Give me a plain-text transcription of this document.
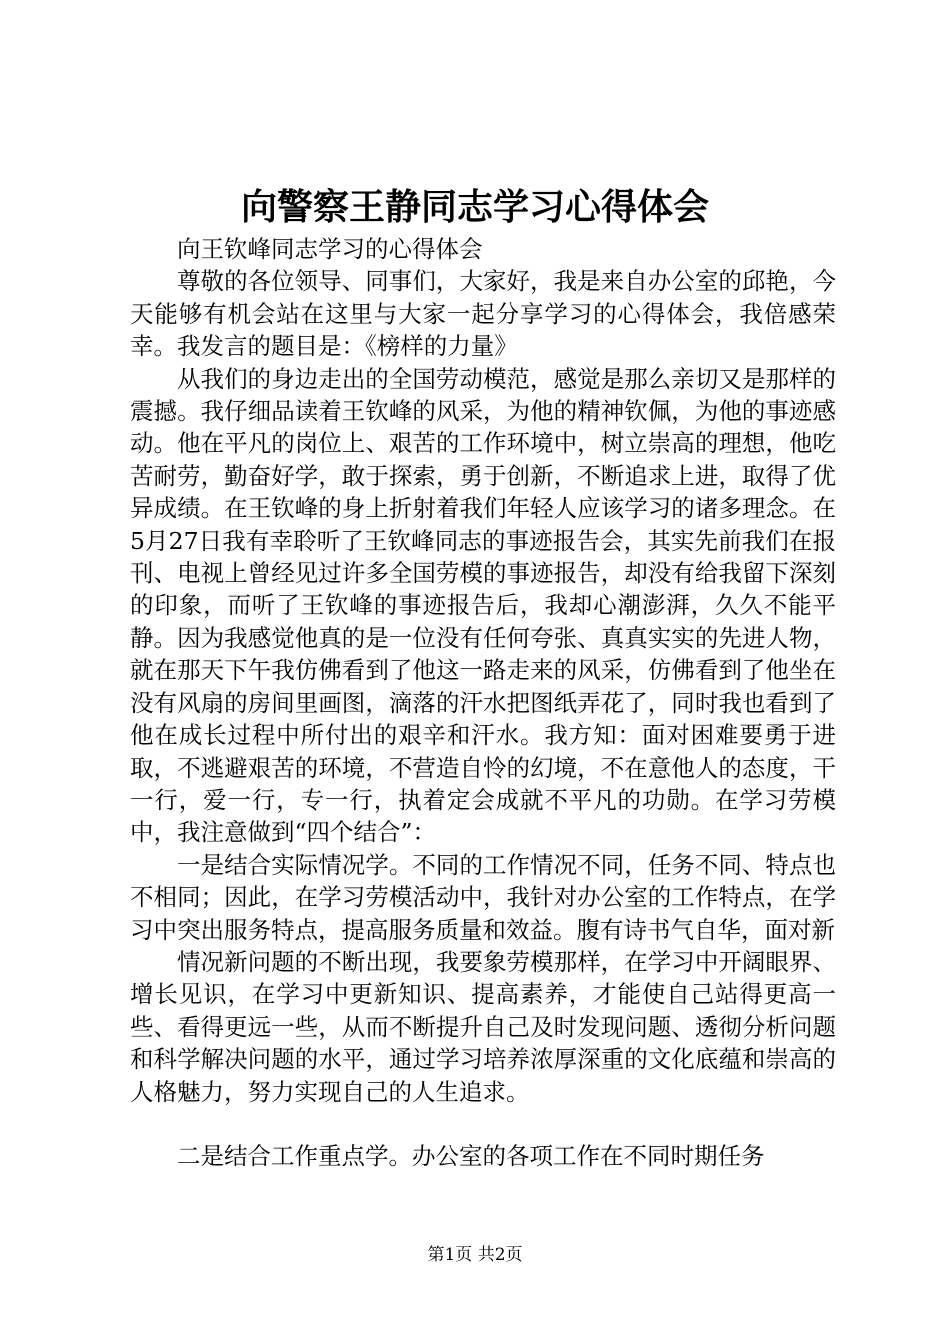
向警察王静同志学习心得体会

向王钦峰同志学习的心得体会

尊敬的各位领导、同事们，大家好，我是来自办公室的邱艳，今天能够有机会站在这里与大家一起分享学习的心得体会，我倍感荣幸。我发言的题目是：《榜样的力量》

从我们的身边走出的全国劳动模范，感觉是那么亲切又是那样的震撼。我仔细品读着王钦峰的风采，为他的精神钦佩，为他的事迹感动。他在平凡的岗位上、艰苦的工作环境中，树立崇高的理想，他吃苦耐劳，勤奋好学，敢于探索，勇于创新，不断追求上进，取得了优异成绩。在王钦峰的身上折射着我们年轻人应该学习的诸多理念。在5月27日我有幸聆听了王钦峰同志的事迹报告会，其实先前我们在报刊、电视上曾经见过许多全国劳模的事迹报告，却没有给我留下深刻的印象，而听了王钦峰的事迹报告后，我却心潮澎湃，久久不能平静。因为我感觉他真的是一位没有任何夸张、真真实实的先进人物，就在那天下午我仿佛看到了他这一路走来的风采，仿佛看到了他坐在没有风扇的房间里画图，滴落的汗水把图纸弄花了，同时我也看到了他在成长过程中所付出的艰辛和汗水。我方知：面对困难要勇于进取，不逃避艰苦的环境，不营造自怜的幻境，不在意他人的态度，干一行，爱一行，专一行，执着定会成就不平凡的功勋。在学习劳模中，我注意做到“四个结合”：

一是结合实际情况学。不同的工作情况不同，任务不同、特点也不相同；因此，在学习劳模活动中，我针对办公室的工作特点，在学习中突出服务特点，提高服务质量和效益。腹有诗书气自华，面对新

情况新问题的不断出现，我要象劳模那样，在学习中开阔眼界、增长见识，在学习中更新知识、提高素养，才能使自己站得更高一些、看得更远一些，从而不断提升自己及时发现问题、透彻分析问题和科学解决问题的水平，通过学习培养浓厚深重的文化底蕴和崇高的人格魅力，努力实现自己的人生追求。

二是结合工作重点学。办公室的各项工作在不同时期任务

第1页 共2页
